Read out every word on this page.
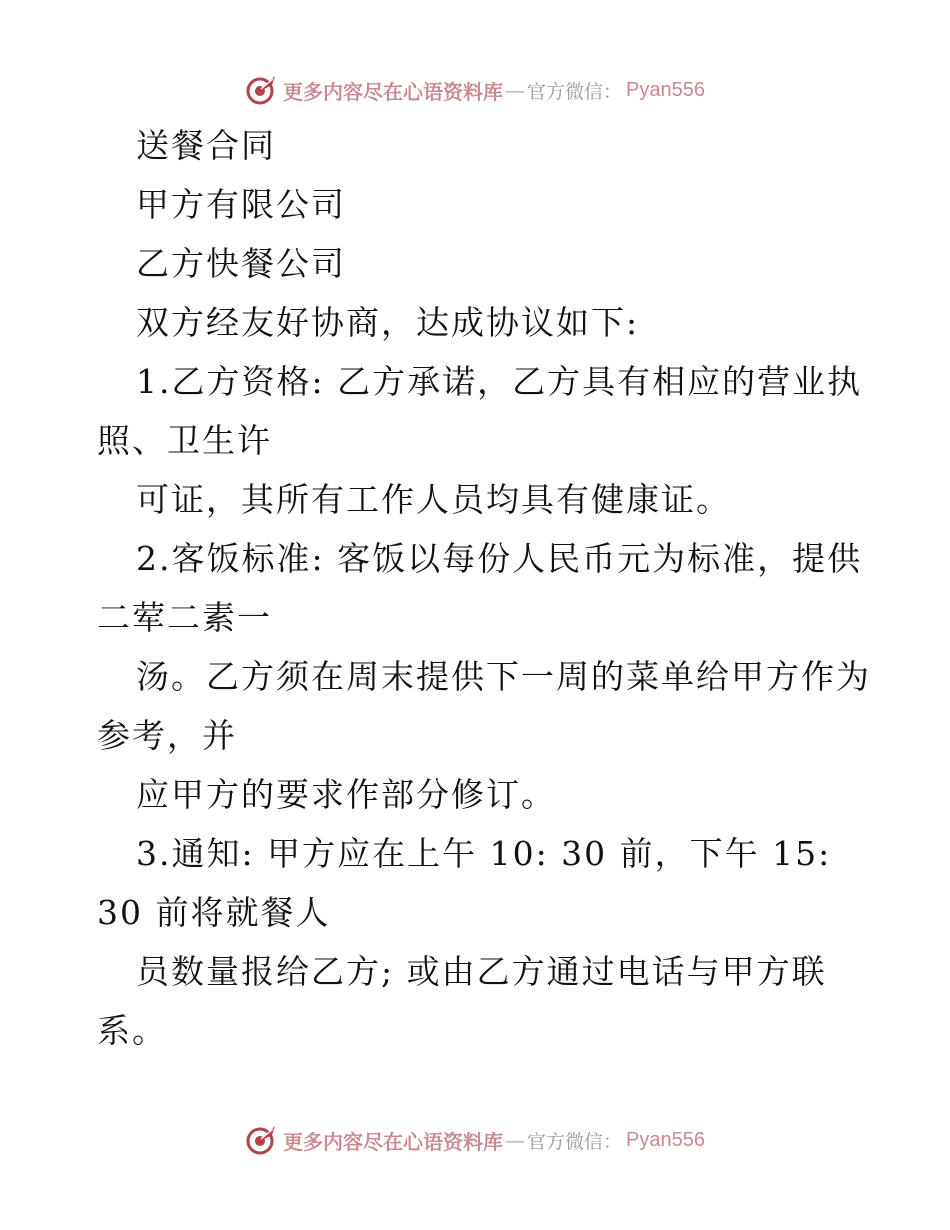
更多内容尽在心语资料库 — 官方微信： Pyan556
送餐合同
甲方有限公司
乙方快餐公司
双方经友好协商，达成协议如下:
1.乙方资格: 乙方承诺，乙方具有相应的营业执
照、卫生许
可证，其所有工作人员均具有健康证。
2.客饭标准: 客饭以每份人民币元为标准，提供
二荤二素一
汤。乙方须在周末提供下一周的菜单给甲方作为
参考，并
应甲方的要求作部分修订。
3.通知: 甲方应在上午 10: 30 前，下午 15:
30 前将就餐人
员数量报给乙方; 或由乙方通过电话与甲方联
系。
更多内容尽在心语资料库 — 官方微信： Pyan556
